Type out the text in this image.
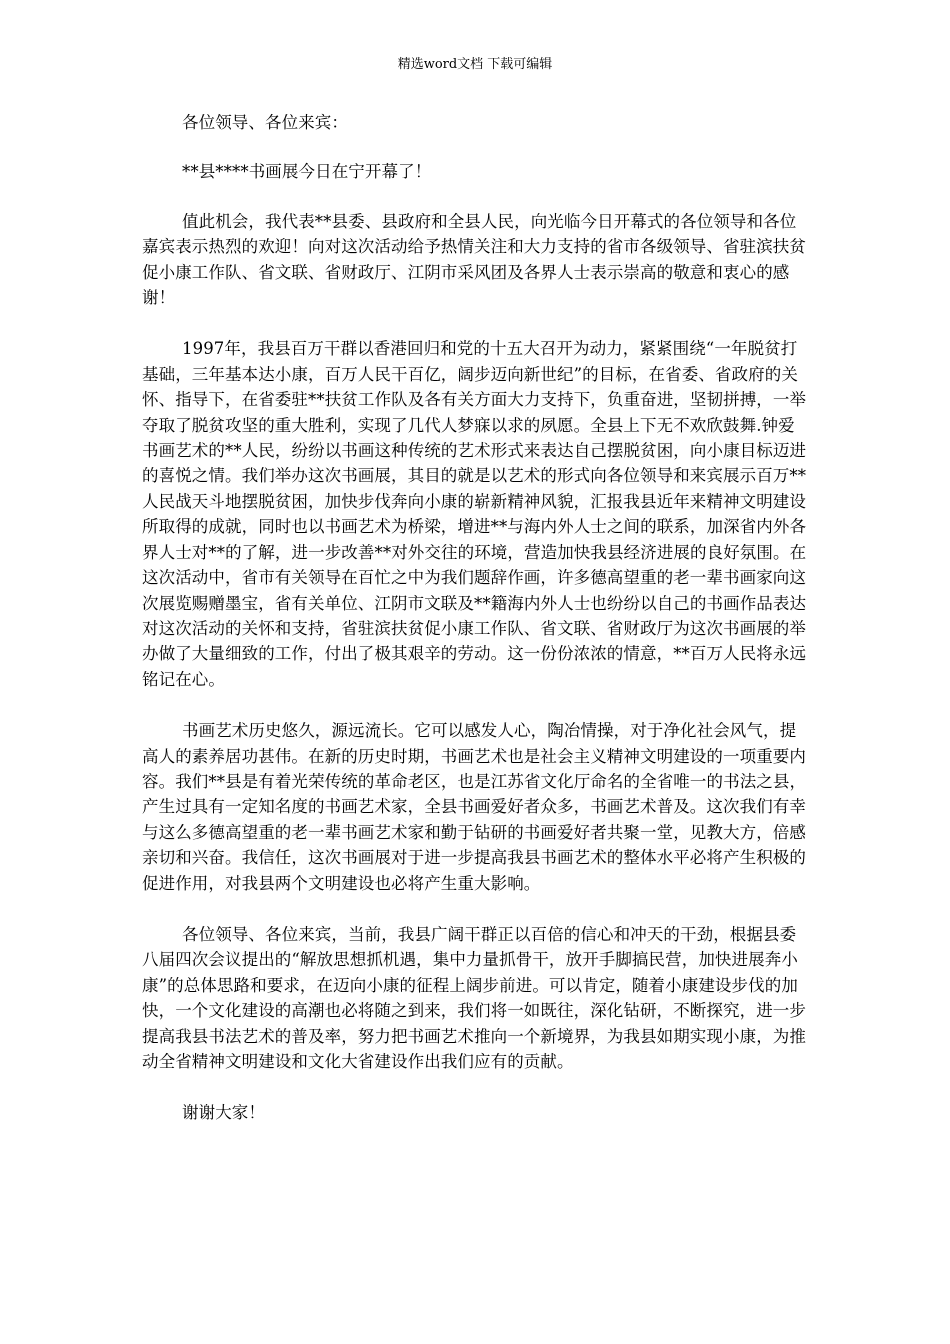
精选word文档 下载可编辑

各位领导、各位来宾：

**县****书画展今日在宁开幕了！

值此机会，我代表**县委、县政府和全县人民，向光临今日开幕式的各位领导和各位嘉宾表示热烈的欢迎！向对这次活动给予热情关注和大力支持的省市各级领导、省驻滨扶贫促小康工作队、省文联、省财政厅、江阴市采风团及各界人士表示崇高的敬意和衷心的感谢！

1997年，我县百万干群以香港回归和党的十五大召开为动力，紧紧围绕“一年脱贫打基础，三年基本达小康，百万人民干百亿，阔步迈向新世纪”的目标，在省委、省政府的关怀、指导下，在省委驻**扶贫工作队及各有关方面大力支持下，负重奋进，坚韧拼搏，一举夺取了脱贫攻坚的重大胜利，实现了几代人梦寐以求的夙愿。全县上下无不欢欣鼓舞.钟爱书画艺术的**人民，纷纷以书画这种传统的艺术形式来表达自己摆脱贫困，向小康目标迈进的喜悦之情。我们举办这次书画展，其目的就是以艺术的形式向各位领导和来宾展示百万**人民战天斗地摆脱贫困，加快步伐奔向小康的崭新精神风貌，汇报我县近年来精神文明建设所取得的成就，同时也以书画艺术为桥梁，增进**与海内外人士之间的联系，加深省内外各界人士对**的了解，进一步改善**对外交往的环境，营造加快我县经济进展的良好氛围。在这次活动中，省市有关领导在百忙之中为我们题辞作画，许多德高望重的老一辈书画家向这次展览赐赠墨宝，省有关单位、江阴市文联及**籍海内外人士也纷纷以自己的书画作品表达对这次活动的关怀和支持，省驻滨扶贫促小康工作队、省文联、省财政厅为这次书画展的举办做了大量细致的工作，付出了极其艰辛的劳动。这一份份浓浓的情意，**百万人民将永远铭记在心。

书画艺术历史悠久，源远流长。它可以感发人心，陶冶情操，对于净化社会风气，提高人的素养居功甚伟。在新的历史时期，书画艺术也是社会主义精神文明建设的一项重要内容。我们**县是有着光荣传统的革命老区，也是江苏省文化厅命名的全省唯一的书法之县，产生过具有一定知名度的书画艺术家，全县书画爱好者众多，书画艺术普及。这次我们有幸与这么多德高望重的老一辈书画艺术家和勤于钻研的书画爱好者共聚一堂，见教大方，倍感亲切和兴奋。我信任，这次书画展对于进一步提高我县书画艺术的整体水平必将产生积极的促进作用，对我县两个文明建设也必将产生重大影响。

各位领导、各位来宾，当前，我县广阔干群正以百倍的信心和冲天的干劲，根据县委八届四次会议提出的“解放思想抓机遇，集中力量抓骨干，放开手脚搞民营，加快进展奔小康”的总体思路和要求，在迈向小康的征程上阔步前进。可以肯定，随着小康建设步伐的加快，一个文化建设的高潮也必将随之到来，我们将一如既往，深化钻研，不断探究，进一步提高我县书法艺术的普及率，努力把书画艺术推向一个新境界，为我县如期实现小康，为推动全省精神文明建设和文化大省建设作出我们应有的贡献。

谢谢大家！
